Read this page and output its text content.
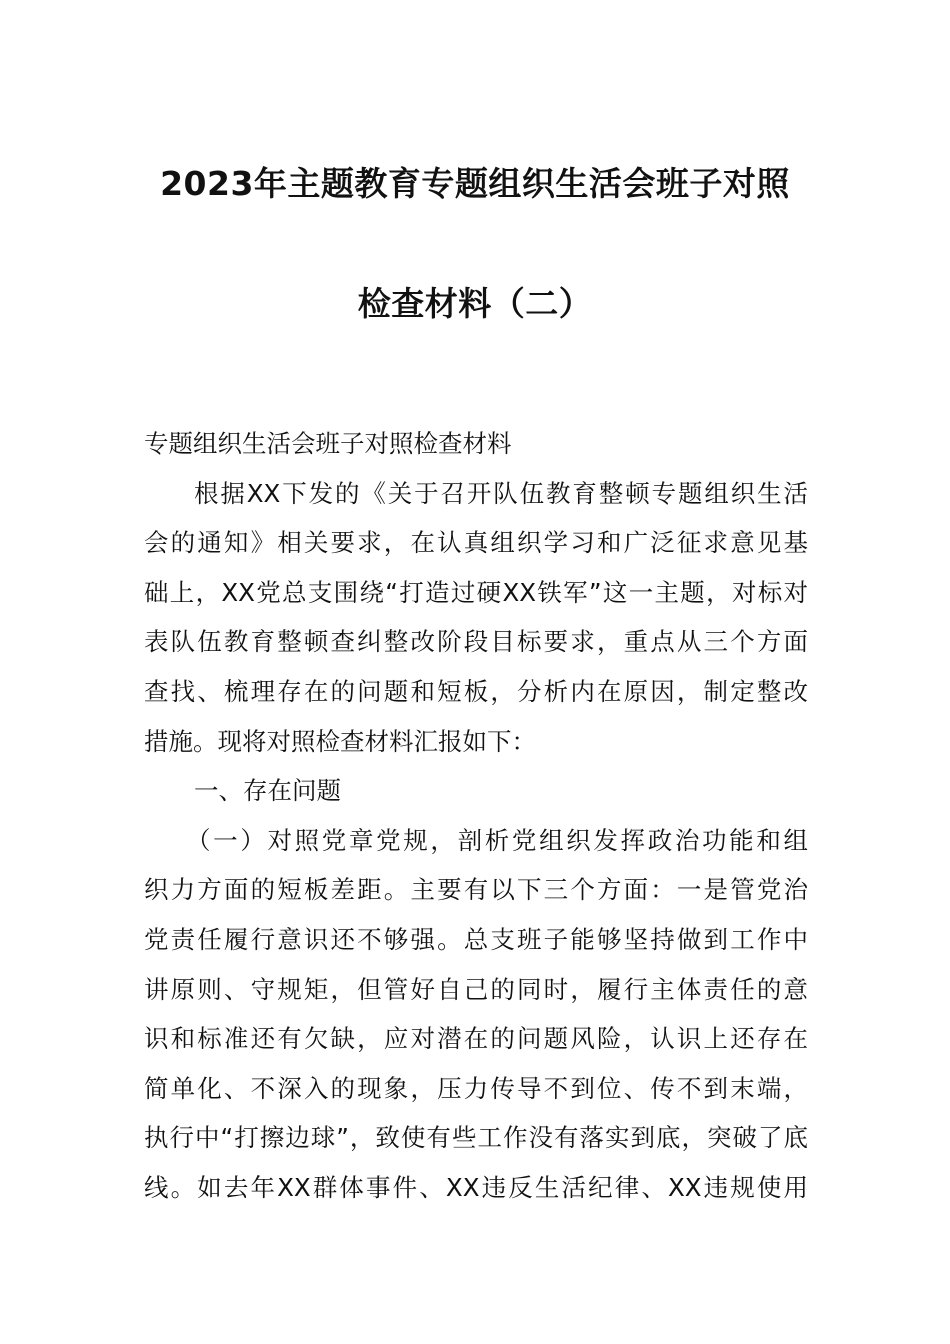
2023年主题教育专题组织生活会班子对照
检查材料（二）
专题组织生活会班子对照检查材料
根据XX下发的《关于召开队伍教育整顿专题组织生活
会的通知》相关要求，在认真组织学习和广泛征求意见基
础上，XX党总支围绕“打造过硬XX铁军”这一主题，对标对
表队伍教育整顿查纠整改阶段目标要求，重点从三个方面
查找、梳理存在的问题和短板，分析内在原因，制定整改
措施。现将对照检查材料汇报如下：
一、存在问题
（一）对照党章党规，剖析党组织发挥政治功能和组
织力方面的短板差距。主要有以下三个方面：一是管党治
党责任履行意识还不够强。总支班子能够坚持做到工作中
讲原则、守规矩，但管好自己的同时，履行主体责任的意
识和标准还有欠缺，应对潜在的问题风险，认识上还存在
简单化、不深入的现象，压力传导不到位、传不到末端，
执行中“打擦边球”，致使有些工作没有落实到底，突破了底
线。如去年XX群体事件、XX违反生活纪律、XX违规使用
